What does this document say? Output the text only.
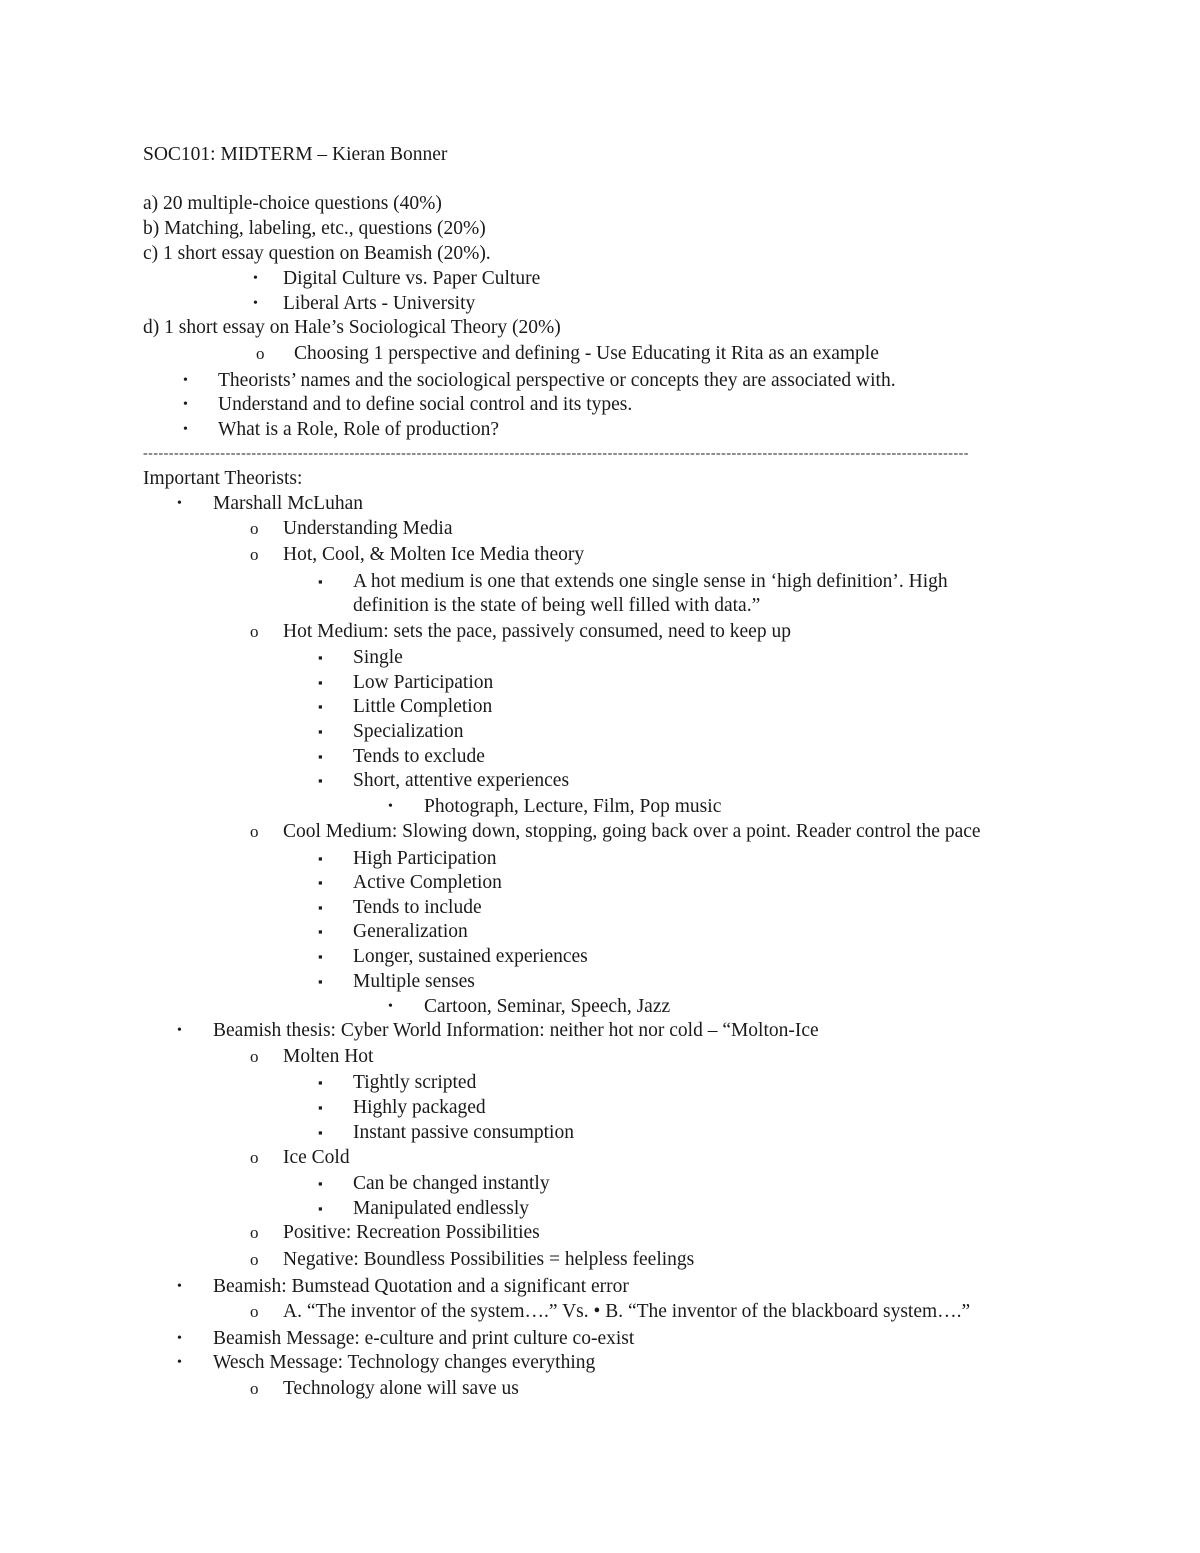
SOC101: MIDTERM – Kieran Bonner
a) 20 multiple-choice questions (40%)
b) Matching, labeling, etc., questions (20%)
c) 1 short essay question on Beamish (20%).
• Digital Culture vs. Paper Culture
• Liberal Arts - University
d) 1 short essay on Hale’s Sociological Theory (20%)
o Choosing 1 perspective and defining - Use Educating it Rita as an example
• Theorists’ names and the sociological perspective or concepts they are associated with.
• Understand and to define social control and its types.
• What is a Role, Role of production?
----------------------------------------------------------------------------------------------------------------------------------------------------------------
Important Theorists:
• Marshall McLuhan
o Understanding Media
o Hot, Cool, & Molten Ice Media theory
▪ A hot medium is one that extends one single sense in ‘high definition’. High
definition is the state of being well filled with data.”
o Hot Medium: sets the pace, passively consumed, need to keep up
▪ Single
▪ Low Participation
▪ Little Completion
▪ Specialization
▪ Tends to exclude
▪ Short, attentive experiences
• Photograph, Lecture, Film, Pop music
o Cool Medium: Slowing down, stopping, going back over a point. Reader control the pace
▪ High Participation
▪ Active Completion
▪ Tends to include
▪ Generalization
▪ Longer, sustained experiences
▪ Multiple senses
• Cartoon, Seminar, Speech, Jazz
• Beamish thesis: Cyber World Information: neither hot nor cold – “Molton-Ice
o Molten Hot
▪ Tightly scripted
▪ Highly packaged
▪ Instant passive consumption
o Ice Cold
▪ Can be changed instantly
▪ Manipulated endlessly
o Positive: Recreation Possibilities
o Negative: Boundless Possibilities = helpless feelings
• Beamish: Bumstead Quotation and a significant error
o A. “The inventor of the system….” Vs. • B. “The inventor of the blackboard system….”
• Beamish Message: e-culture and print culture co-exist
• Wesch Message: Technology changes everything
o Technology alone will save us
